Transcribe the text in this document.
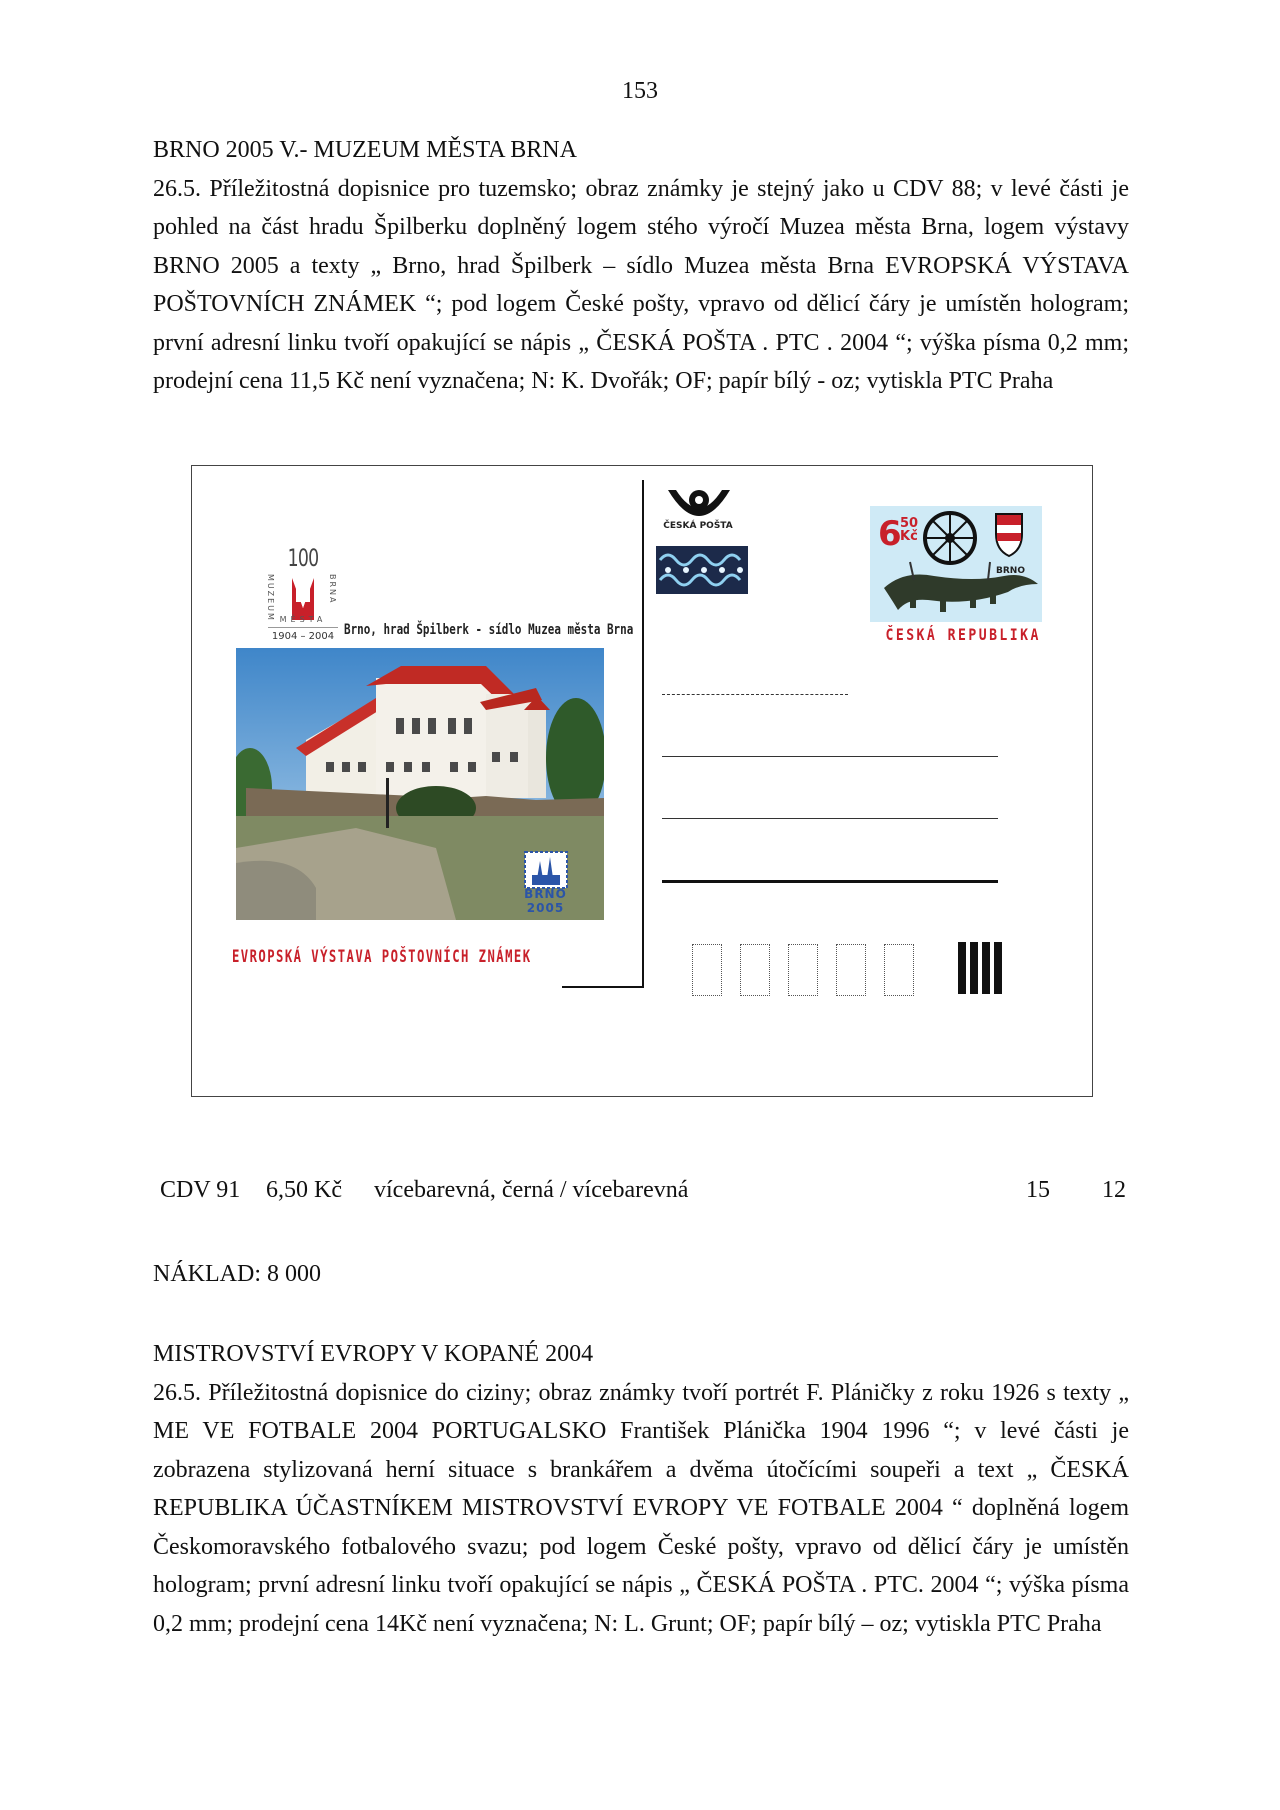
153
BRNO 2005 V.- MUZEUM MĚSTA BRNA

26.5. Příležitostná dopisnice pro tuzemsko; obraz známky je stejný jako u CDV 88; v levé části je pohled na část hradu Špilberku doplněný logem stého výročí Muzea města Brna, logem výstavy BRNO 2005 a texty „ Brno, hrad Špilberk – sídlo Muzea města Brna EVROPSKÁ VÝSTAVA POŠTOVNÍCH ZNÁMEK “; pod logem České pošty, vpravo od dělicí čáry je umístěn hologram; první adresní linku tvoří opakující se nápis „ ČESKÁ POŠTA . PTC . 2004 “; výška písma 0,2 mm; prodejní cena 11,5 Kč není vyznačena; N: K. Dvořák; OF; papír bílý - oz; vytiskla PTC Praha

100
MUZEUM	BRNA
MĚSTA
1904 – 2004 Brno, hrad Špilberk - sídlo Muzea města Brna
BRNO 2005
EVROPSKÁ VÝSTAVA POŠTOVNÍCH ZNÁMEK
ČESKÁ POŠTA	6
50
Kč
BRNO
ČESKÁ REPUBLIKA
CDV 91 6,50 Kč vícebarevná, černá / vícebarevná	15 12
NÁKLAD: 8 000
MISTROVSTVÍ EVROPY V KOPANÉ 2004

26.5. Příležitostná dopisnice do ciziny; obraz známky tvoří portrét F. Pláničky z roku 1926 s texty „ ME VE FOTBALE 2004 PORTUGALSKO František Plánička 1904 1996 “; v levé části je zobrazena stylizovaná herní situace s brankářem a dvěma útočícími soupeři a text „ ČESKÁ REPUBLIKA ÚČASTNÍKEM MISTROVSTVÍ EVROPY VE FOTBALE 2004 “ doplněná logem Českomoravského fotbalového svazu; pod logem České pošty, vpravo od dělicí čáry je umístěn hologram; první adresní linku tvoří opakující se nápis „ ČESKÁ POŠTA . PTC. 2004 “; výška písma 0,2 mm; prodejní cena 14Kč není vyznačena; N: L. Grunt; OF; papír bílý – oz; vytiskla PTC Praha
